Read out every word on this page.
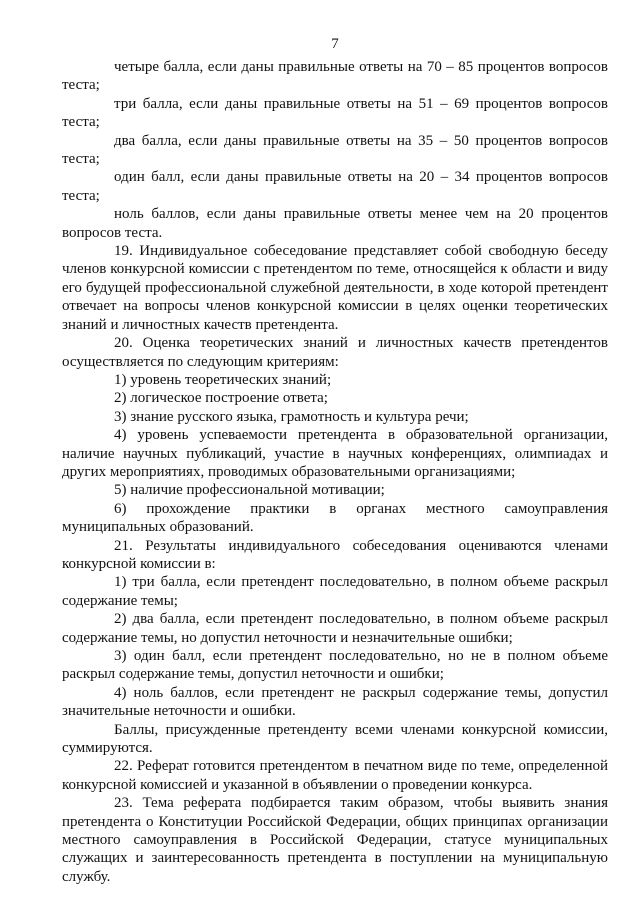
7

четыре балла, если даны правильные ответы на 70 – 85 процентов вопросов теста;

три балла, если даны правильные ответы на 51 – 69 процентов вопросов теста;

два балла, если даны правильные ответы на 35 – 50 процентов вопросов теста;

один балл, если даны правильные ответы на 20 – 34 процентов вопросов теста;

ноль баллов, если даны правильные ответы менее чем на 20 процентов вопросов теста.

19. Индивидуальное собеседование представляет собой свободную беседу членов конкурсной комиссии с претендентом по теме, относящейся к области и виду его будущей профессиональной служебной деятельности, в ходе которой претендент отвечает на вопросы членов конкурсной комиссии в целях оценки теоретических знаний и личностных качеств претендента.

20. Оценка теоретических знаний и личностных качеств претендентов осуществляется по следующим критериям:

1) уровень теоретических знаний;

2) логическое построение ответа;

3) знание русского языка, грамотность и культура речи;

4) уровень успеваемости претендента в образовательной организации, наличие научных публикаций, участие в научных конференциях, олимпиадах и других мероприятиях, проводимых образовательными организациями;

5) наличие профессиональной мотивации;

6) прохождение практики в органах местного самоуправления муниципальных образований.

21. Результаты индивидуального собеседования оцениваются членами конкурсной комиссии в:

1) три балла, если претендент последовательно, в полном объеме раскрыл содержание темы;

2) два балла, если претендент последовательно, в полном объеме раскрыл содержание темы, но допустил неточности и незначительные ошибки;

3) один балл, если претендент последовательно, но не в полном объеме раскрыл содержание темы, допустил неточности и ошибки;

4) ноль баллов, если претендент не раскрыл содержание темы, допустил значительные неточности и ошибки.

Баллы, присужденные претенденту всеми членами конкурсной комиссии, суммируются.

22. Реферат готовится претендентом в печатном виде по теме, определенной конкурсной комиссией и указанной в объявлении о проведении конкурса.

23. Тема реферата подбирается таким образом, чтобы выявить знания претендента о Конституции Российской Федерации, общих принципах организации местного самоуправления в Российской Федерации, статусе муниципальных служащих и заинтересованность претендента в поступлении на муниципальную службу.
